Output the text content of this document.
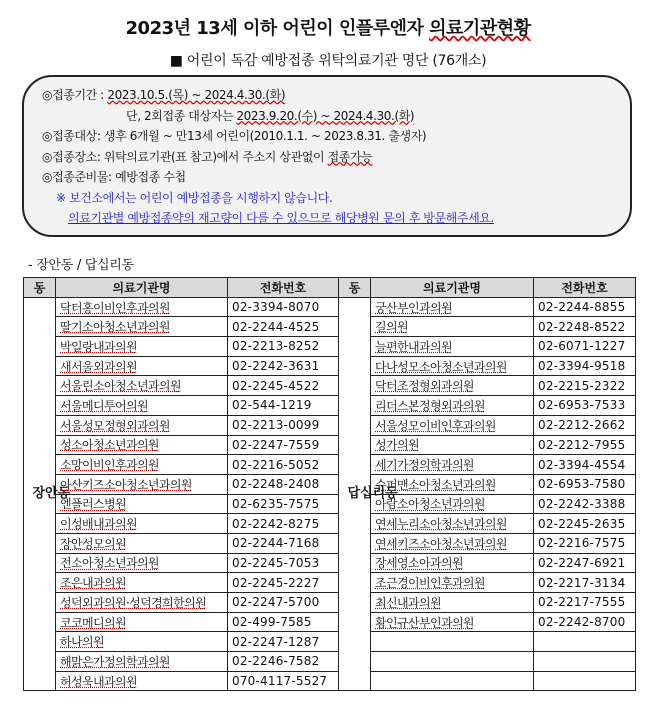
2023년 13세 이하 어린이 인플루엔자 의료기관현황
■ 어린이 독감 예방접종 위탁의료기관 명단 (76개소)
◎접종기간 : 2023.10.5.(목) ~ 2024.4.30.(화)
단, 2회접종 대상자는 2023.9.20.(수) ~ 2024.4.30.(화)
◎접종대상: 생후 6개월 ~ 만13세 어린이(2010.1.1. ~ 2023.8.31. 출생자)
◎접종장소: 위탁의료기관(표 참고)에서 주소지 상관없이 접종가능
◎접종준비물: 예방접종 수첩
※ 보건소에서는 어린이 예방접종을 시행하지 않습니다.
의료기관별 예방접종약의 재고량이 다를 수 있으므로 해당병원 문의 후 방문해주세요.
- 장안동 / 답십리동
동	의료기관명	전화번호	동	의료기관명	전화번호
장안동	닥터홍이비인후과의원	02-3394-8070	답십리동	궁산부인과의원	02-2244-8855
	딸기소아청소년과의원	02-2244-4525		길의원	02-2248-8522
	박일랑내과의원	02-2213-8252		늘편한내과의원	02-6071-1227
	새서울외과의원	02-2242-3631		다나성모소아청소년과의원	02-3394-9518
	서울린소아청소년과의원	02-2245-4522		닥터조정형외과의원	02-2215-2322
	서울메디투어의원	02-544-1219		리더스본정형외과의원	02-6953-7533
	서울성모정형외과의원	02-2213-0099		서울성모이비인후과의원	02-2212-2662
	성소아청소년과의원	02-2247-7559		성가의원	02-2212-7955
	소망이비인후과의원	02-2216-5052		세기가정의학과의원	02-3394-4554
	아산키즈소아청소년과의원	02-2248-2408		슈퍼맨소아청소년과의원	02-6953-7580
	엔플러스병원	02-6235-7575		아람소아청소년과의원	02-2242-3388
	이성배내과의원	02-2242-8275		연세누리소아청소년과의원	02-2245-2635
	장안성모의원	02-2244-7168		연세키즈소아청소년과의원	02-2216-7575
	전소아청소년과의원	02-2245-7053		장세영소아과의원	02-2247-6921
	조은내과의원	02-2245-2227		조근경이비인후과의원	02-2217-3134
	성덕외과의원·성덕경희한의원	02-2247-5700		최신내과의원	02-2217-7555
	코코메디의원	02-499-7585		황인규산부인과의원	02-2242-8700
	하나의원	02-2247-1287			
	해맑은가정의학과의원	02-2246-7582			
	허성욱내과의원	070-4117-5527			
